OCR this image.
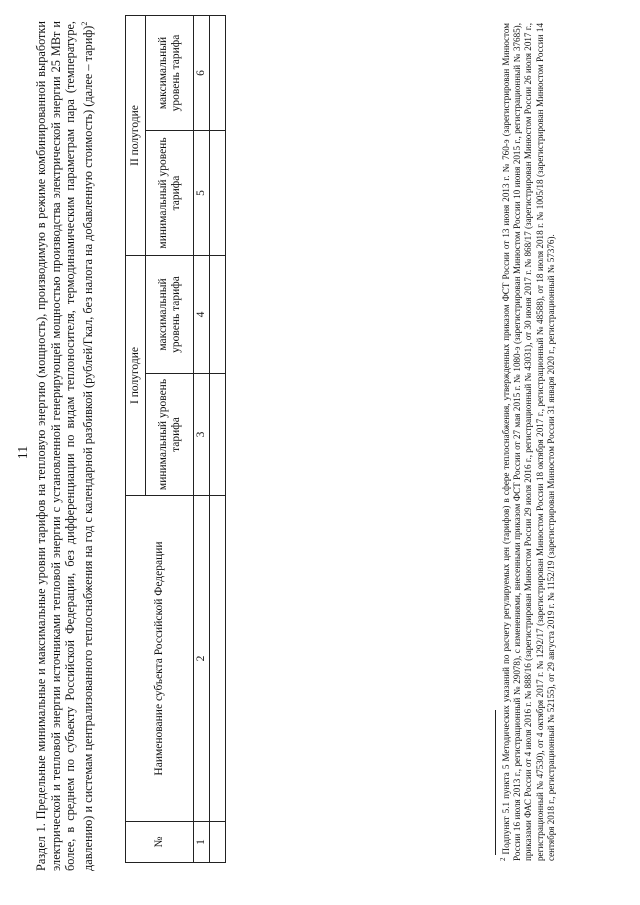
11 Раздел 1. Предельные минимальные и максимальные уровни тарифов на тепловую энергию (мощность), производимую в режиме комбинированной выработки электрической и тепловой энергии источниками тепловой энергии с установленной генерирующей мощностью производства электрической энергии 25 МВт и более, в среднем по субъекту Российской Федерации, без дифференциации по видам теплоносителя, термодинамическим параметрам пара (температуре, давлению) и системам централизованного теплоснабжения на год с календарной разбивкой (рублей/Гкал, без налога на добавленную стоимость) (далее – тариф)$^2$
№	Наименование субъекта Российской Федерации	I полугодие		II полугодие	
		минимальный уровень тарифа	максимальный уровень тарифа	минимальный уровень тарифа	максимальный уровень тарифа
1	2	3	4	5	6

$^2$ Подпункт 5.1 пункта 5 Методических указаний по расчету регулируемых цен (тарифов) в сфере теплоснабжения, утвержденных приказом ФСТ России от 13 июня 2013 г. № 760-э (зарегистрирован Минюстом России 16 июля 2013 г., регистрационный № 29078), с изменениями, внесенными приказом ФСТ России от 27 мая 2015 г. № 1080-э (зарегистрирован Минюстом России 10 июня 2015 г., регистрационный № 37685), приказами ФАС России от 4 июля 2016 г. № 888/16 (зарегистрирован Минюстом России 29 июля 2016 г., регистрационный № 43031), от 30 июня 2017 г. № 868/17 (зарегистрирован Минюстом России 26 июля 2017 г., регистрационный № 47530), от 4 октября 2017 г. № 1292/17 (зарегистрирован Минюстом России 18 октября 2017 г., регистрационный № 48588), от 18 июля 2018 г. № 1005/18 (зарегистрирован Минюстом России 14 сентября 2018 г., регистрационный № 52155), от 29 августа 2019 г. № 1152/19 (зарегистрирован Минюстом России 31 января 2020 г., регистрационный № 57376).
